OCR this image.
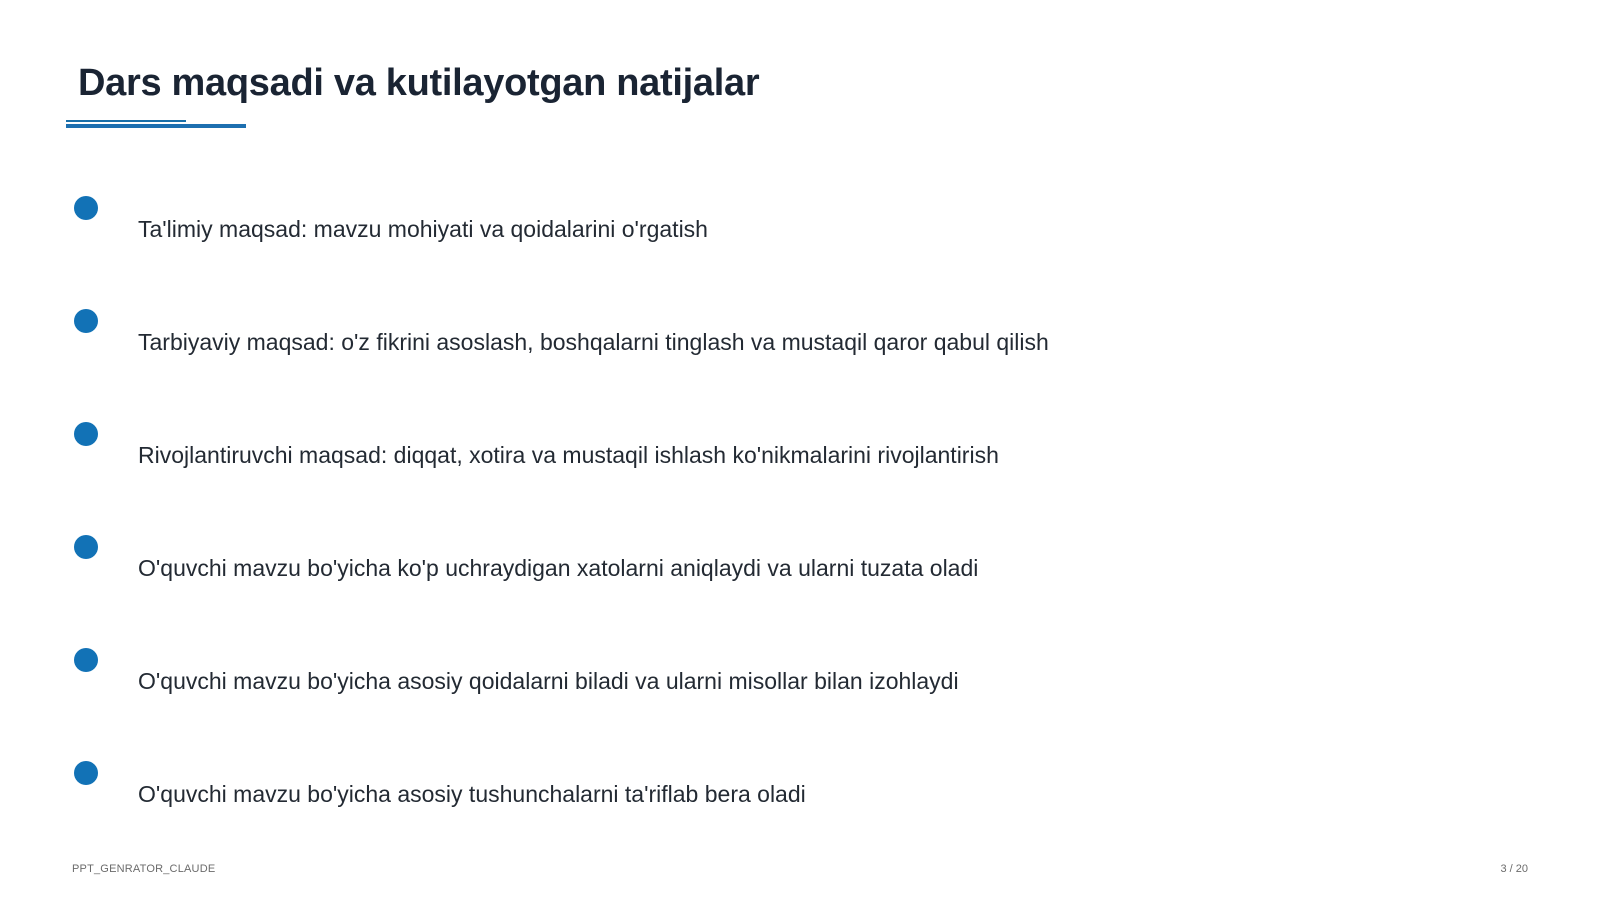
Dars maqsadi va kutilayotgan natijalar
Ta'limiy maqsad: mavzu mohiyati va qoidalarini o'rgatish
Tarbiyaviy maqsad: o'z fikrini asoslash, boshqalarni tinglash va mustaqil qaror qabul qilish
Rivojlantiruvchi maqsad: diqqat, xotira va mustaqil ishlash ko'nikmalarini rivojlantirish
O'quvchi mavzu bo'yicha ko'p uchraydigan xatolarni aniqlaydi va ularni tuzata oladi
O'quvchi mavzu bo'yicha asosiy qoidalarni biladi va ularni misollar bilan izohlaydi
O'quvchi mavzu bo'yicha asosiy tushunchalarni ta'riflab bera oladi
PPT_GENRATOR_CLAUDE	3 / 20
